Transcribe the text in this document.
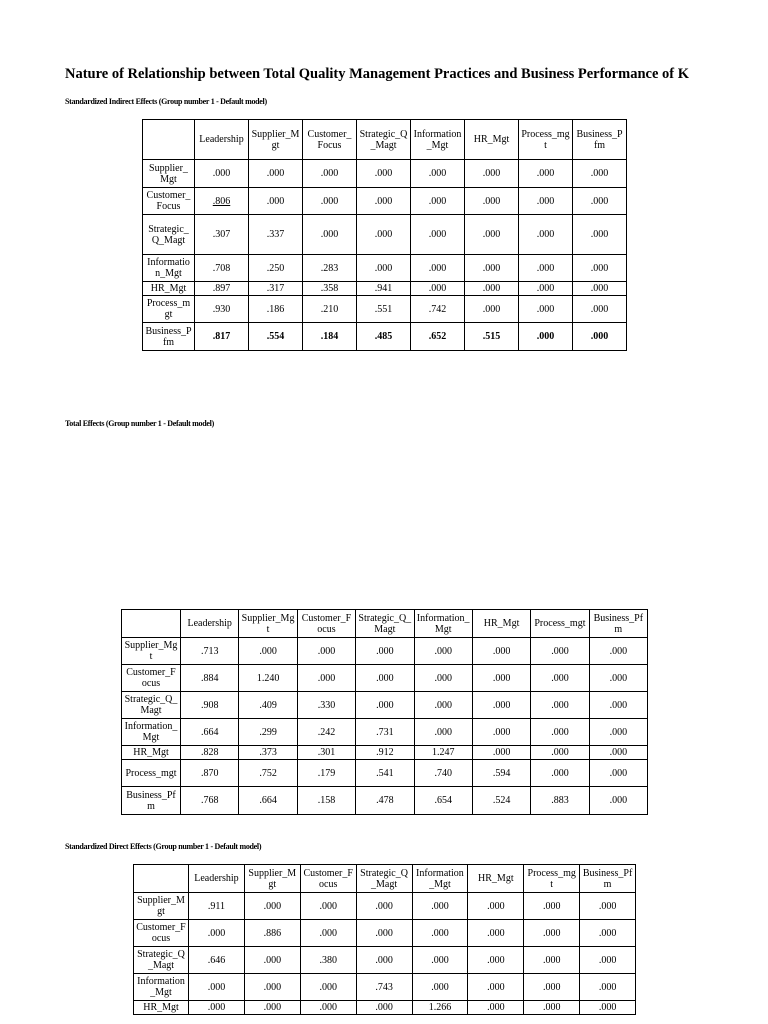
Nature of Relationship between Total Quality Management Practices and Business Performance of K
Standardized Indirect Effects (Group number 1 - Default model)
	Leadership	Supplier_Mgt	Customer_Focus	Strategic_Q_Magt	Information_Mgt	HR_Mgt	Process_mgt	Business_Pfm
Supplier_Mgt	.000	.000	.000	.000	.000	.000	.000	.000
Customer_Focus	.806	.000	.000	.000	.000	.000	.000	.000
Strategic_Q_Magt	.307	.337	.000	.000	.000	.000	.000	.000
Information_Mgt	.708	.250	.283	.000	.000	.000	.000	.000
HR_Mgt	.897	.317	.358	.941	.000	.000	.000	.000
Process_mgt	.930	.186	.210	.551	.742	.000	.000	.000
Business_Pfm	.817	.554	.184	.485	.652	.515	.000	.000
Total Effects (Group number 1 - Default model)
	Leadership	Supplier_Mgt	Customer_Focus	Strategic_Q_Magt	Information_Mgt	HR_Mgt	Process_mgt	Business_Pfm
Supplier_Mgt	.713	.000	.000	.000	.000	.000	.000	.000
Customer_Focus	.884	1.240	.000	.000	.000	.000	.000	.000
Strategic_Q_Magt	.908	.409	.330	.000	.000	.000	.000	.000
Information_Mgt	.664	.299	.242	.731	.000	.000	.000	.000
HR_Mgt	.828	.373	.301	.912	1.247	.000	.000	.000
Process_mgt	.870	.752	.179	.541	.740	.594	.000	.000
Business_Pfm	.768	.664	.158	.478	.654	.524	.883	.000
Standardized Direct Effects (Group number 1 - Default model)
	Leadership	Supplier_Mgt	Customer_Focus	Strategic_Q_Magt	Information_Mgt	HR_Mgt	Process_mgt	Business_Pfm
Supplier_Mgt	.911	.000	.000	.000	.000	.000	.000	.000
Customer_Focus	.000	.886	.000	.000	.000	.000	.000	.000
Strategic_Q_Magt	.646	.000	.380	.000	.000	.000	.000	.000
Information_Mgt	.000	.000	.000	.743	.000	.000	.000	.000
HR_Mgt	.000	.000	.000	.000	1.266	.000	.000	.000
